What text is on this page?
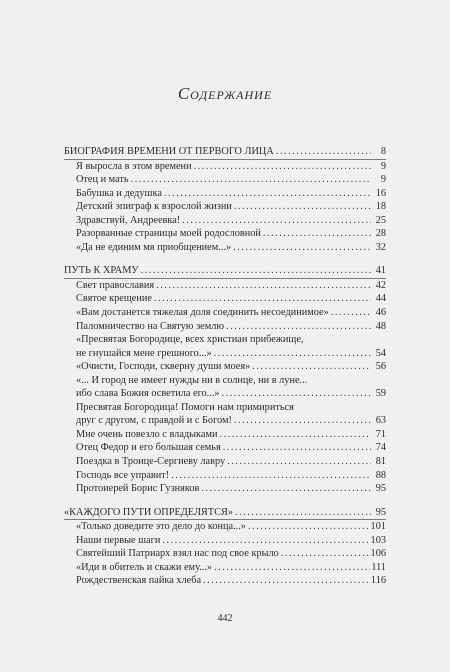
Содержание
БИОГРАФИЯ ВРЕМЕНИ ОТ ПЕРВОГО ЛИЦА .....	8
Я выросла в этом времени .....	9
Отец и мать .....	9
Бабушка и дедушка .....	16
Детский эпиграф к взрослой жизни .....	18
Здравствуй, Андреевка! .....	25
Разорванные страницы моей родословной .....	28
«Да не единим мя приобщением...» .....	32
ПУТЬ К ХРАМУ .....	41
Свет православия .....	42
Святое крещение .....	44
«Вам достанется тяжелая доля соединить несоединимое» .....	46
Паломничество на Святую землю .....	48
«Пресвятая Богородице, всех христиан прибежище,
не гнушайся мене грешного...» .....	54
«Очисти, Господи, скверну души моея» .....	56
«... И город не имеет нужды ни в солнце, ни в луне...
ибо слава Божия осветила его...» .....	59
Пресвятая Богородица! Помоги нам примириться
друг с другом, с правдой и с Богом! .....	63
Мне очень повезло с владыками .....	71
Отец Федор и его большая семья .....	74
Поездка в Троице-Сергиеву лавру .....	81
Господь все управит! .....	88
Протоиерей Борис Гузняков .....	95
«КАЖДОГО ПУТИ ОПРЕДЕЛЯТСЯ» .....	95
«Только доведите это дело до конца...» .....	101
Наши первые шаги .....	103
Святейший Патриарх взял нас под свое крыло .....	106
«Иди в обитель и скажи ему...» .....	111
Рождественская пайка хлеба .....	116
442
